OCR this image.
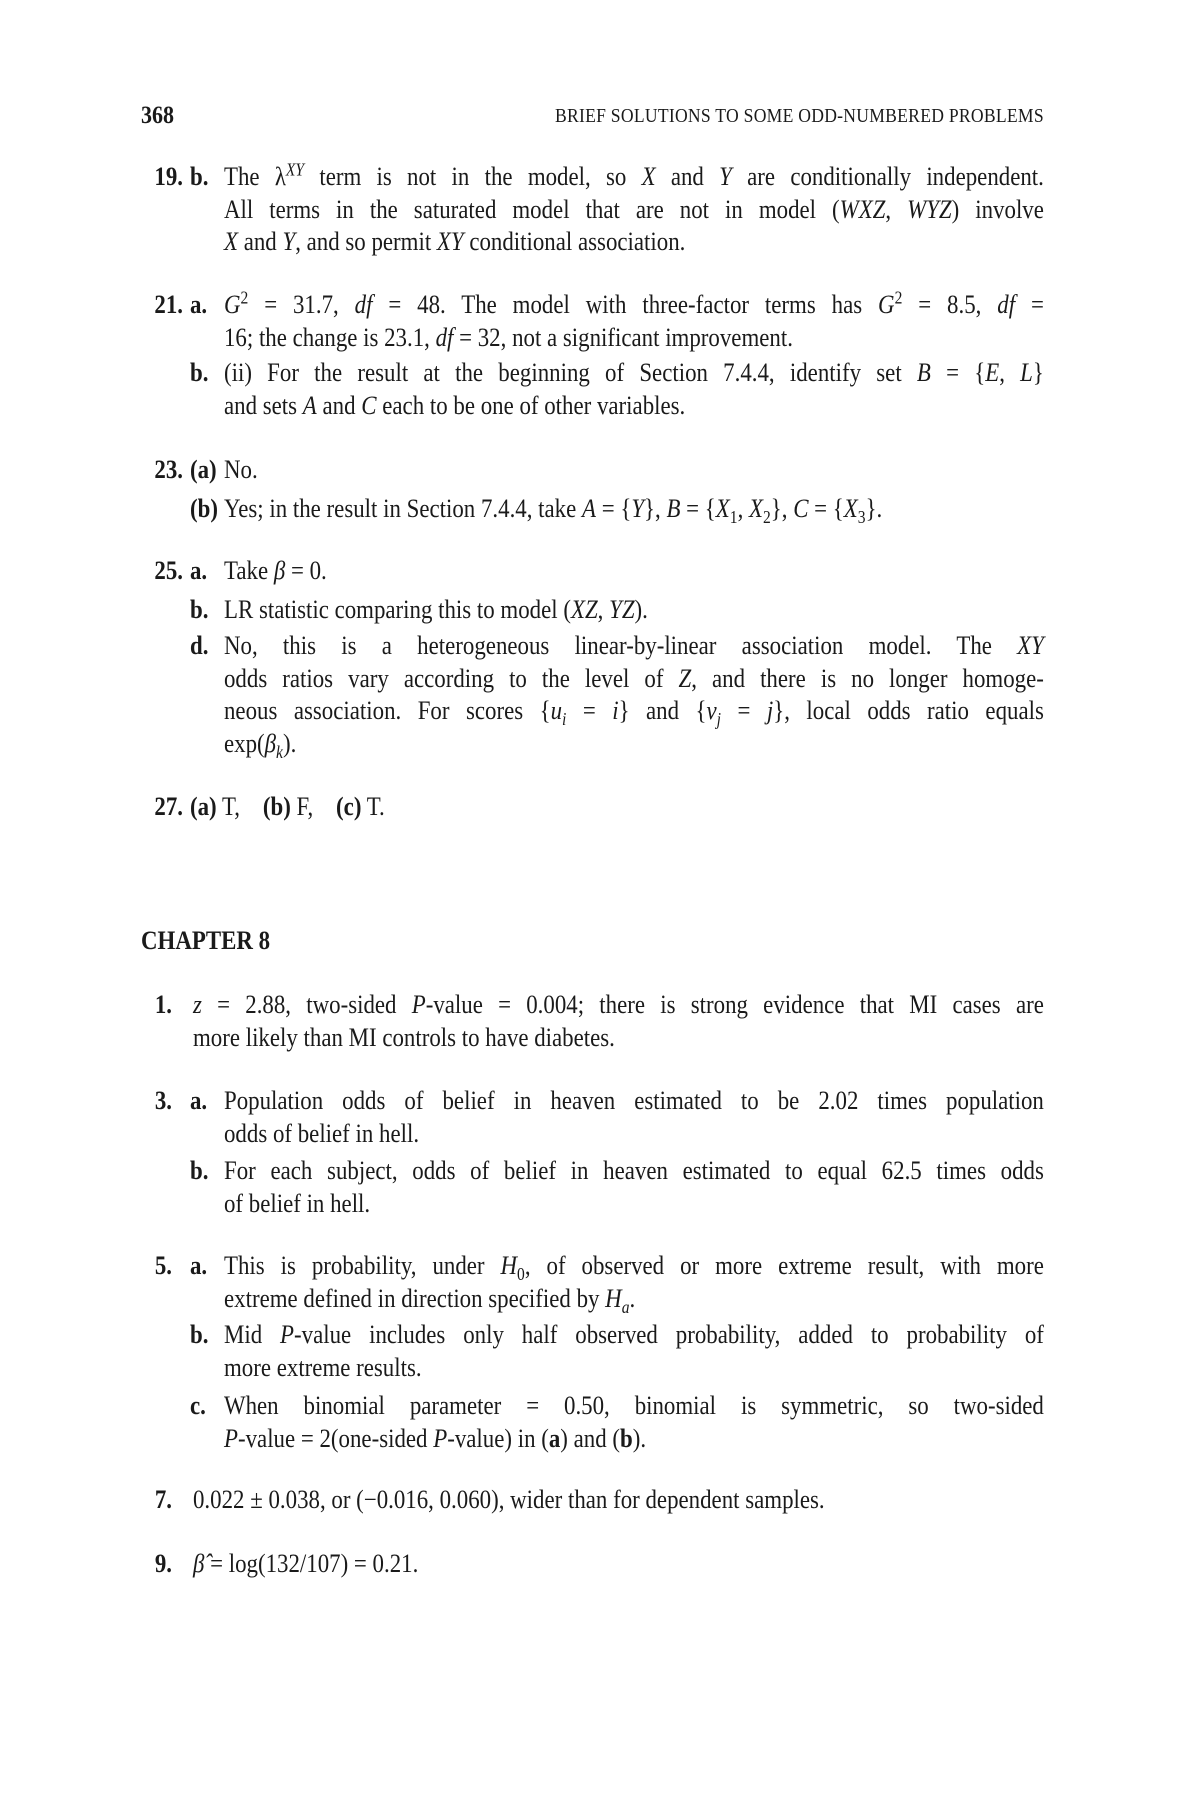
368	BRIEF SOLUTIONS TO SOME ODD-NUMBERED PROBLEMS
CHAPTER 8
19. b. The $\lambda^{XY}$ term is not in the model, so X and Y are conditionally independent.
All terms in the saturated model that are not in model (WXZ, WYZ) involve
X and Y, and so permit XY conditional association.
21. a. $G^2 = 31.7$, df = 48. The model with three-factor terms has $G^2 = 8.5$, df =
16; the change is 23.1, df = 32, not a significant improvement.
b. (ii) For the result at the beginning of Section 7.4.4, identify set B = {E, L}
and sets A and C each to be one of other variables.
23. (a) No.
(b) Yes; in the result in Section 7.4.4, take A = {Y}, $B = \{X_1$, $X_2$}, $C = \{X_3\}$.
25. a. Take β = 0.
b. LR statistic comparing this to model (XZ, YZ).
d. No, this is a heterogeneous linear-by-linear association model. The XY
odds ratios vary according to the level of Z, and there is no longer homoge-
neous association. For scores $\{u_i = i\}$ and $\{v_j = j\}$, local odds ratio equals
$\exp(\beta_k)$.
27. (a) T,    (b) F,    (c) T.
1. z = 2.88, two-sided P-value = 0.004; there is strong evidence that MI cases are
more likely than MI controls to have diabetes.
3. a. Population odds of belief in heaven estimated to be 2.02 times population
odds of belief in hell.
b. For each subject, odds of belief in heaven estimated to equal 62.5 times odds
of belief in hell.
5. a. This is probability, under $H_0$, of observed or more extreme result, with more
extreme defined in direction specified by $H_a$.
b. Mid P-value includes only half observed probability, added to probability of
more extreme results.
c. When binomial parameter = 0.50, binomial is symmetric, so two-sided
P-value = 2(one-sided P-value) in (a) and (b).
7. 0.022 ± 0.038, or (−0.016, 0.060), wider than for dependent samples.
9. β̂ = log(132/107) = 0.21.
